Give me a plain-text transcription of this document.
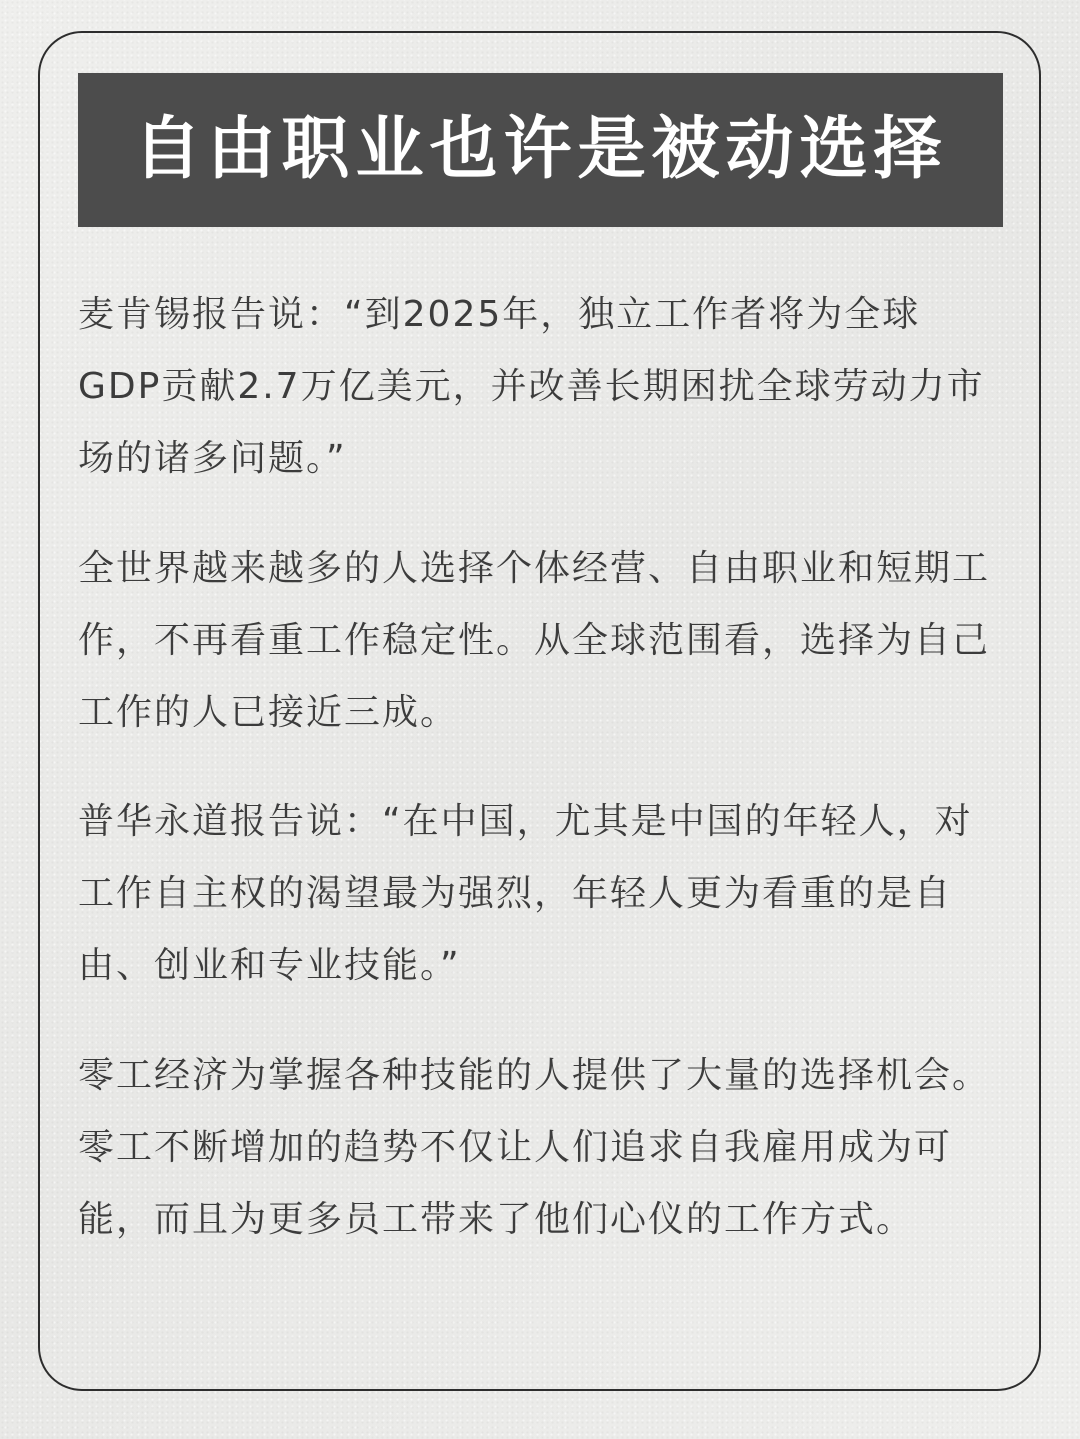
自由职业也许是被动选择

麦肯锡报告说：“到2025年，独立工作者将为全球
GDP贡献2.7万亿美元，并改善长期困扰全球劳动力市
场的诸多问题。”

全世界越来越多的人选择个体经营、自由职业和短期工
作，不再看重工作稳定性。从全球范围看，选择为自己
工作的人已接近三成。

普华永道报告说：“在中国，尤其是中国的年轻人，对
工作自主权的渴望最为强烈，年轻人更为看重的是自
由、创业和专业技能。”

零工经济为掌握各种技能的人提供了大量的选择机会。
零工不断增加的趋势不仅让人们追求自我雇用成为可
能，而且为更多员工带来了他们心仪的工作方式。
